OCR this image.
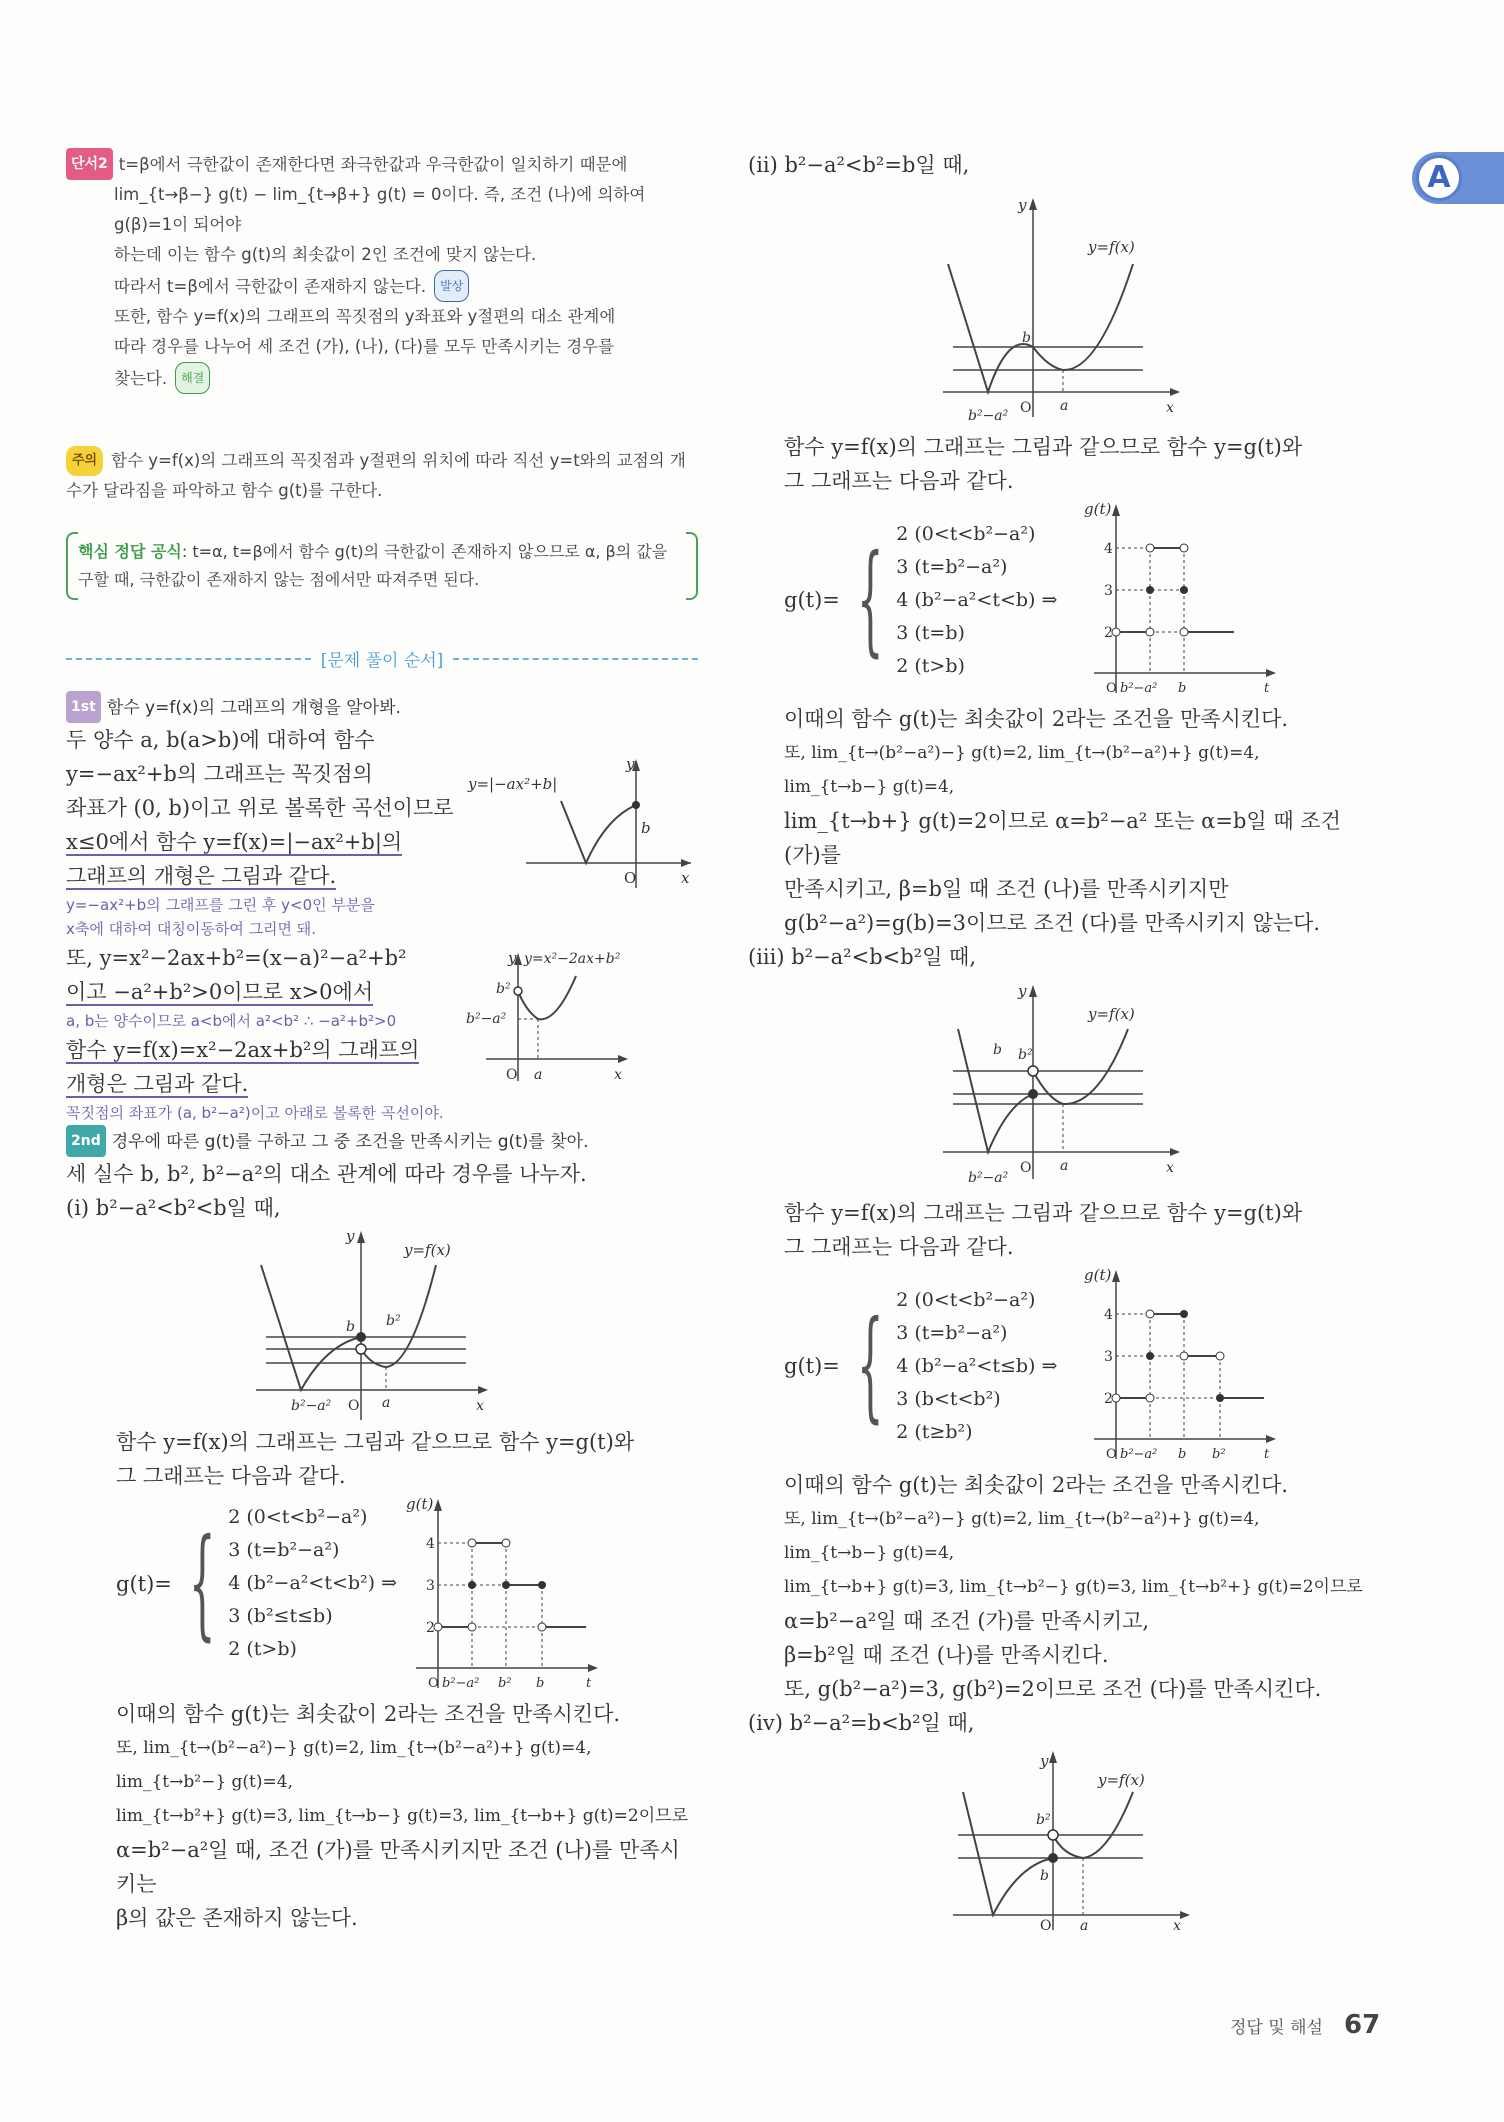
A
단서2 t=β에서 극한값이 존재한다면 좌극한값과 우극한값이 일치하기 때문에
lim_{t→β−} g(t) − lim_{t→β+} g(t) = 0이다. 즉, 조건 (나)에 의하여 g(β)=1이 되어야
하는데 이는 함수 g(t)의 최솟값이 2인 조건에 맞지 않는다.
따라서 t=β에서 극한값이 존재하지 않는다. 발상
또한, 함수 y=f(x)의 그래프의 꼭짓점의 y좌표와 y절편의 대소 관계에
따라 경우를 나누어 세 조건 (가), (나), (다)를 모두 만족시키는 경우를
찾는다. 해결
주의 함수 y=f(x)의 그래프의 꼭짓점과 y절편의 위치에 따라 직선 y=t와의 교점의 개수가 달라짐을 파악하고 함수 g(t)를 구한다.
핵심 정답 공식: t=α, t=β에서 함수 g(t)의 극한값이 존재하지 않으므로 α, β의 값을 구할 때, 극한값이 존재하지 않는 점에서만 따져주면 된다.
[문제 풀이 순서]
1st 함수 y=f(x)의 그래프의 개형을 알아봐.

두 양수 a, b(a>b)에 대하여 함수

y=−ax²+b의 그래프는 꼭짓점의

좌표가 (0, b)이고 위로 볼록한 곡선이므로

x≤0에서 함수 y=f(x)=|−ax²+b|의

그래프의 개형은 그림과 같다.

y
x
O
b
y=|−ax²+b|
y=−ax²+b의 그래프를 그린 후 y<0인 부분을
x축에 대하여 대칭이동하여 그리면 돼.

또, y=x²−2ax+b²=(x−a)²−a²+b²

이고 −a²+b²>0이므로 x>0에서

a, b는 양수이므로 a<b에서 a²<b² ∴ −a²+b²>0

함수 y=f(x)=x²−2ax+b²의 그래프의

개형은 그림과 같다.

y y=x²−2ax+b²
b²
b²−a²
O a	x
꼭짓점의 좌표가 (a, b²−a²)이고 아래로 볼록한 곡선이야.
2nd 경우에 따른 g(t)를 구하고 그 중 조건을 만족시키는 g(t)를 찾아.

세 실수 b, b², b²−a²의 대소 관계에 따라 경우를 나누자.

(i) b²−a²<b²<b일 때,

y
y=f(x)
b b²
b²−a² O a	x

함수 y=f(x)의 그래프는 그림과 같으므로 함수 y=g(t)와

그 그래프는 다음과 같다.

g(t)= { 2 (0<t<b²−a²)
3 (t=b²−a²)
4 (b²−a²<t<b²) ⇒
3 (b²≤t≤b)
2 (t>b)
g(t)
4
3
2
O b²−a² b² b	t

이때의 함수 g(t)는 최솟값이 2라는 조건을 만족시킨다.

또, lim_{t→(b²−a²)−} g(t)=2, lim_{t→(b²−a²)+} g(t)=4, lim_{t→b²−} g(t)=4,

lim_{t→b²+} g(t)=3, lim_{t→b−} g(t)=3, lim_{t→b+} g(t)=2이므로

α=b²−a²일 때, 조건 (가)를 만족시키지만 조건 (나)를 만족시키는

β의 값은 존재하지 않는다.

(ii) b²−a²<b²=b일 때,

y
y=f(x)
b
b²−a² O a	x

함수 y=f(x)의 그래프는 그림과 같으므로 함수 y=g(t)와

그 그래프는 다음과 같다.

g(t)= { 2 (0<t<b²−a²)
3 (t=b²−a²)
4 (b²−a²<t<b) ⇒
3 (t=b)
2 (t>b)
g(t)
4
3
2
O b²−a² b	t

이때의 함수 g(t)는 최솟값이 2라는 조건을 만족시킨다.

또, lim_{t→(b²−a²)−} g(t)=2, lim_{t→(b²−a²)+} g(t)=4, lim_{t→b−} g(t)=4,

lim_{t→b+} g(t)=2이므로 α=b²−a² 또는 α=b일 때 조건 (가)를

만족시키고, β=b일 때 조건 (나)를 만족시키지만

g(b²−a²)=g(b)=3이므로 조건 (다)를 만족시키지 않는다.

(iii) b²−a²<b<b²일 때,

y
y=f(x)
b b²
b²−a²
O a	x

함수 y=f(x)의 그래프는 그림과 같으므로 함수 y=g(t)와

그 그래프는 다음과 같다.

g(t)= { 2 (0<t<b²−a²)
3 (t=b²−a²)
4 (b²−a²<t≤b) ⇒
3 (b<t<b²)
2 (t≥b²)
g(t)
4
3
2
O b²−a² b b²	t

이때의 함수 g(t)는 최솟값이 2라는 조건을 만족시킨다.

또, lim_{t→(b²−a²)−} g(t)=2, lim_{t→(b²−a²)+} g(t)=4, lim_{t→b−} g(t)=4,

lim_{t→b+} g(t)=3, lim_{t→b²−} g(t)=3, lim_{t→b²+} g(t)=2이므로

α=b²−a²일 때 조건 (가)를 만족시키고,

β=b²일 때 조건 (나)를 만족시킨다.

또, g(b²−a²)=3, g(b²)=2이므로 조건 (다)를 만족시킨다.

(iv) b²−a²=b<b²일 때,

y
y=f(x)
b²
b
O a	x
정답 및 해설 67
